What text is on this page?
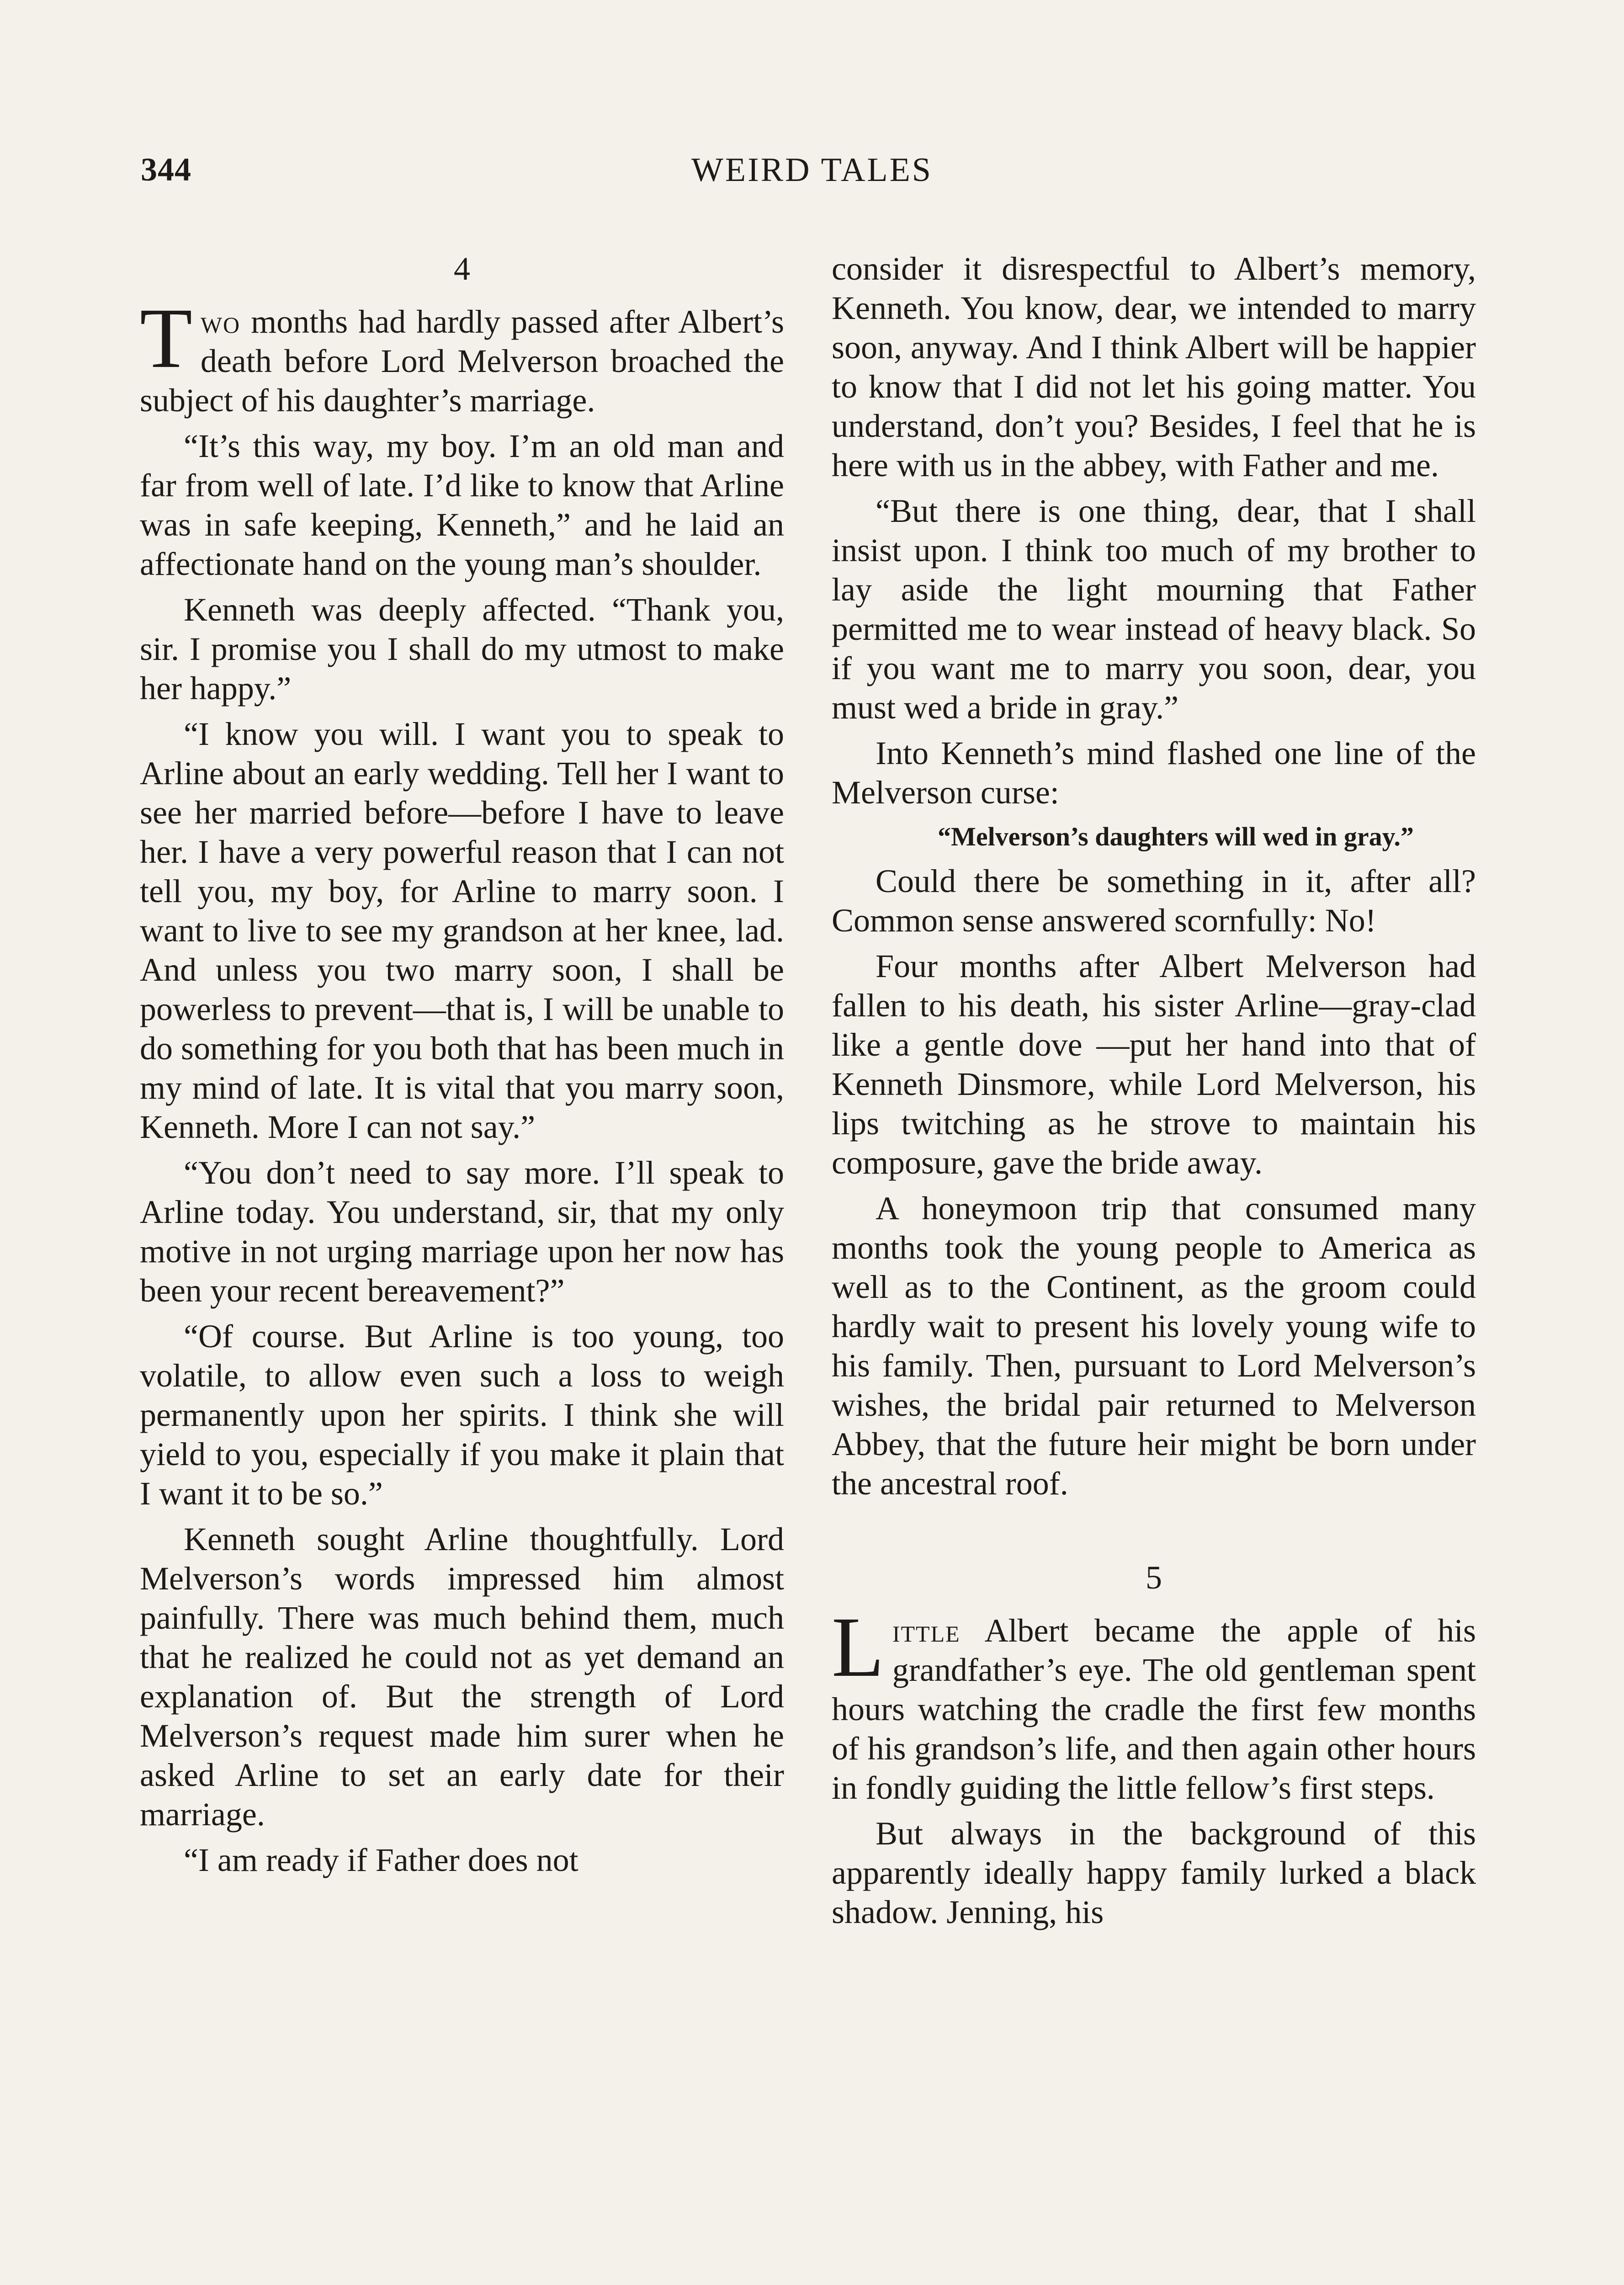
344	WEIRD TALES
4

Two months had hardly passed after Albert’s death before Lord Melverson broached the subject of his daughter’s marriage.

“It’s this way, my boy. I’m an old man and far from well of late. I’d like to know that Arline was in safe keeping, Kenneth,” and he laid an affectionate hand on the young man’s shoulder.

Kenneth was deeply affected. “Thank you, sir. I promise you I shall do my utmost to make her happy.”

“I know you will. I want you to speak to Arline about an early wedding. Tell her I want to see her married before—before I have to leave her. I have a very powerful reason that I can not tell you, my boy, for Arline to marry soon. I want to live to see my grandson at her knee, lad. And unless you two marry soon, I shall be powerless to prevent—that is, I will be unable to do something for you both that has been much in my mind of late. It is vital that you marry soon, Kenneth. More I can not say.”

“You don’t need to say more. I’ll speak to Arline today. You understand, sir, that my only motive in not urging marriage upon her now has been your recent bereavement?”

“Of course. But Arline is too young, too volatile, to allow even such a loss to weigh permanently upon her spirits. I think she will yield to you, especially if you make it plain that I want it to be so.”

Kenneth sought Arline thoughtfully. Lord Melverson’s words impressed him almost painfully. There was much behind them, much that he realized he could not as yet demand an explanation of. But the strength of Lord Melverson’s request made him surer when he asked Arline to set an early date for their marriage.

“I am ready if Father does not

consider it disrespectful to Albert’s memory, Kenneth. You know, dear, we intended to marry soon, anyway. And I think Albert will be happier to know that I did not let his going matter. You understand, don’t you? Besides, I feel that he is here with us in the abbey, with Father and me.

“But there is one thing, dear, that I shall insist upon. I think too much of my brother to lay aside the light mourning that Father permitted me to wear instead of heavy black. So if you want me to marry you soon, dear, you must wed a bride in gray.”

Into Kenneth’s mind flashed one line of the Melverson curse:

“Melverson’s daughters will wed in gray.”

Could there be something in it, after all? Common sense answered scornfully: No!

Four months after Albert Melverson had fallen to his death, his sister Arline—gray-clad like a gentle dove —put her hand into that of Kenneth Dinsmore, while Lord Melverson, his lips twitching as he strove to maintain his composure, gave the bride away.

A honeymoon trip that consumed many months took the young people to America as well as to the Continent, as the groom could hardly wait to present his lovely young wife to his family. Then, pursuant to Lord Melverson’s wishes, the bridal pair returned to Melverson Abbey, that the future heir might be born under the ancestral roof.

5

Little Albert became the apple of his grandfather’s eye. The old gentleman spent hours watching the cradle the first few months of his grandson’s life, and then again other hours in fondly guiding the little fellow’s first steps.

But always in the background of this apparently ideally happy family lurked a black shadow. Jenning, his
